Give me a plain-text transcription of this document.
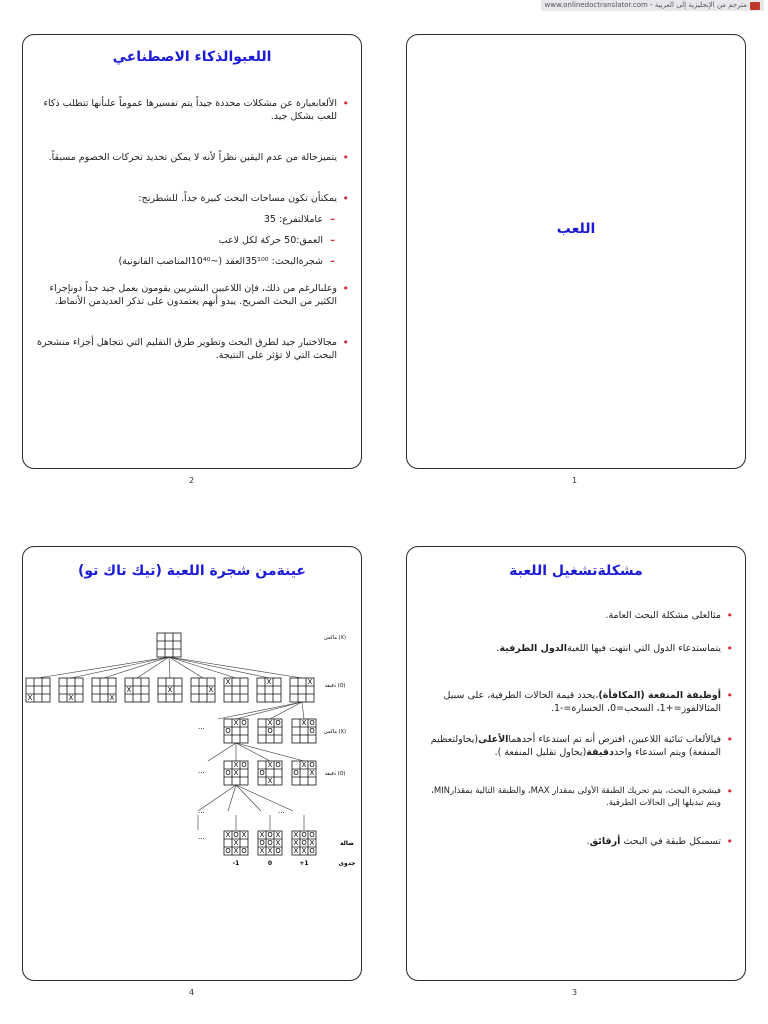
www.onlinedoctranslator.com - مترجم من الإنجليزية إلى العربية
اللعب
1
اللعبوالذكاء الاصطناعي
• الألعابعبارة عن مشكلات محددة جيداً يتم تفسيرها عموماً علىأنها تتطلب ذكاء للعب بشكل جيد.
• يتميزحالة من عدم اليقين نظراً لأنه لا يمكن تحديد تحركات الخصوم مسبقاً.
• يمكنأن تكون مساحات البحث كبيرة جداً. للشطرنج:
– عاملالتفرع: 35
– العمق:50 حركة لكل لاعب
– شجرةالبحث: 35¹⁰⁰العقد (~10⁴⁰المناصب القانونية)
• وعلىالرغم من ذلك، فإن اللاعبين البشريين يقومون بعمل جيد جداً دونإجراء الكثير من البحث الصريح. يبدو أنهم يعتمدون على تذكر العديدمن الأنماط.
• مجالاختبار جيد لطرق البحث وتطوير طرق التقليم التي تتجاهل أجزاء منشجرة البحث التي لا تؤثر على النتيجة.
2
مشكلةتشغيل اللعبة
• مثالعلى مشكلة البحث العامة.
• يتماستدعاء الدول التي انتهت فيها اللعبةالدول الطرفية.
• أوظيفة المنفعة (المكافأة)،يحدد قيمة الحالات الطرفية، على سبيل المثالالفوز=+1، السحب=0، الخسارة=-1.
• فيالألعاب ثنائية اللاعبين، افترض أنه تم استدعاء أحدهماالأعلى(يحاولتعظيم المنفعة) ويتم استدعاء واحددقيقة(يحاول تقليل المنفعة ).
• فيشجرة البحث، يتم تحريك الطبقة الأولى بمقدار MAX، والطبقة التالية بمقدارMIN، ويتم تبديلها إلى الحالات الطرفية.
• تسمىكل طبقة في البحث أرقائق.
3
عينةمن شجرة اللعبة (تيك تاك تو)
X	X	X
X	X	X
X	X	X
X O
O
X O
O
X O
O
X O
O X
X O
O
X
X O
O X
X O X
X
O X O
X O X
O O X
X X O
X O O
X O X
X X O
ماكس (X)
دقيقة (O)
ماكس (X)
دقيقة (O)
صالة
جدوى
-1	0	+1
...
...
...
...
...
4
